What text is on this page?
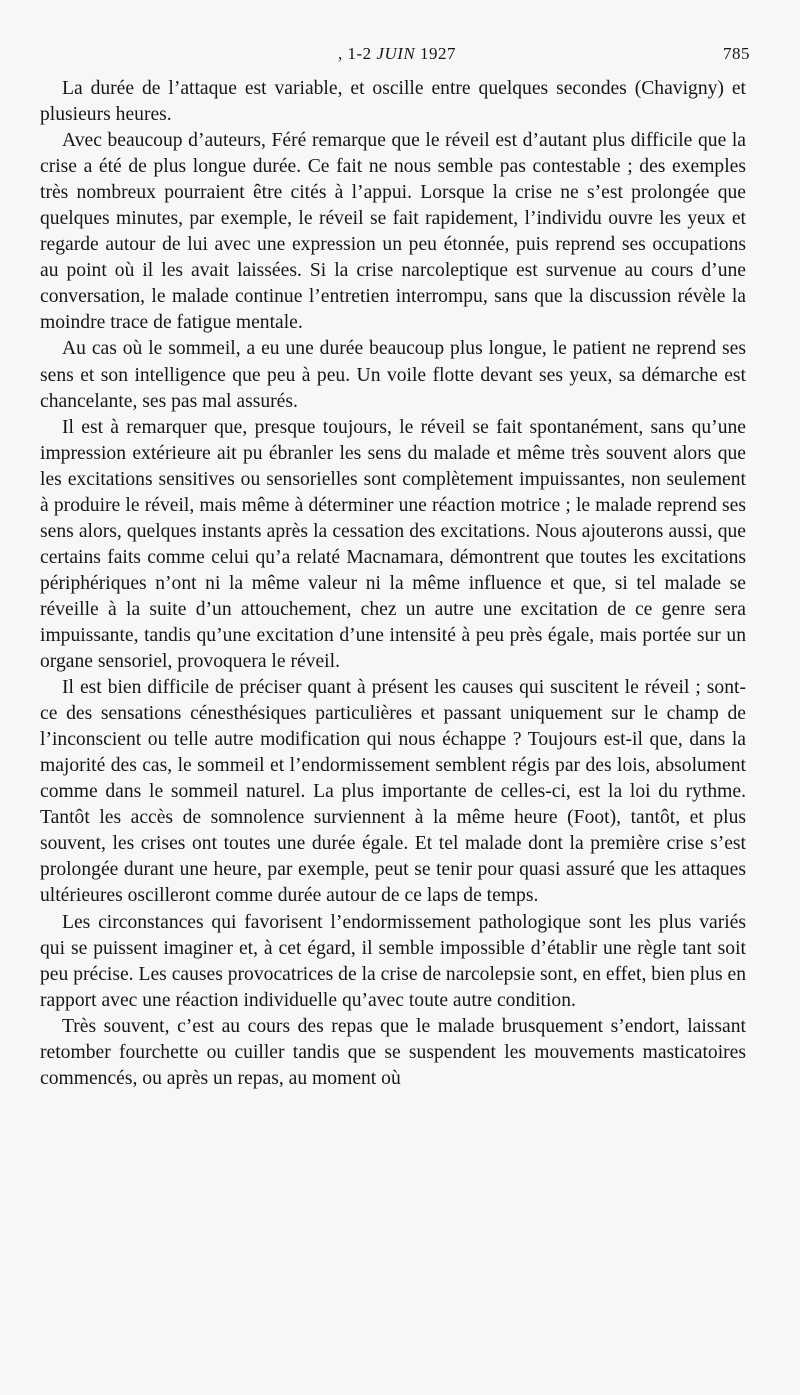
, 1-2 JUIN 1927	785

La durée de l’attaque est variable, et oscille entre quelques secondes (Chavigny) et plusieurs heures.

Avec beaucoup d’auteurs, Féré remarque que le réveil est d’autant plus difficile que la crise a été de plus longue durée. Ce fait ne nous semble pas contestable ; des exemples très nombreux pourraient être cités à l’appui. Lorsque la crise ne s’est prolongée que quelques minutes, par exemple, le réveil se fait rapidement, l’individu ouvre les yeux et regarde autour de lui avec une expression un peu étonnée, puis reprend ses occupations au point où il les avait laissées. Si la crise narcoleptique est survenue au cours d’une conversation, le malade continue l’entretien interrompu, sans que la discussion révèle la moindre trace de fatigue mentale.

Au cas où le sommeil, a eu une durée beaucoup plus longue, le patient ne reprend ses sens et son intelligence que peu à peu. Un voile flotte devant ses yeux, sa démarche est chancelante, ses pas mal assurés.

Il est à remarquer que, presque toujours, le réveil se fait spontanément, sans qu’une impression extérieure ait pu ébranler les sens du malade et même très souvent alors que les excitations sensitives ou sensorielles sont complètement impuissantes, non seulement à produire le réveil, mais même à déterminer une réaction motrice ; le malade reprend ses sens alors, quelques instants après la cessation des excitations. Nous ajouterons aussi, que certains faits comme celui qu’a relaté Macnamara, démontrent que toutes les excitations périphériques n’ont ni la même valeur ni la même influence et que, si tel malade se réveille à la suite d’un attouchement, chez un autre une excitation de ce genre sera impuissante, tandis qu’une excitation d’une intensité à peu près égale, mais portée sur un organe sensoriel, provoquera le réveil.

Il est bien difficile de préciser quant à présent les causes qui suscitent le réveil ; sont-ce des sensations cénesthésiques particulières et passant uniquement sur le champ de l’inconscient ou telle autre modification qui nous échappe ? Toujours est-il que, dans la majorité des cas, le sommeil et l’endormissement semblent régis par des lois, absolument comme dans le sommeil naturel. La plus importante de celles-ci, est la loi du rythme. Tantôt les accès de somnolence surviennent à la même heure (Foot), tantôt, et plus souvent, les crises ont toutes une durée égale. Et tel malade dont la première crise s’est prolongée durant une heure, par exemple, peut se tenir pour quasi assuré que les attaques ultérieures oscilleront comme durée autour de ce laps de temps.

Les circonstances qui favorisent l’endormissement pathologique sont les plus variés qui se puissent imaginer et, à cet égard, il semble impossible d’établir une règle tant soit peu précise. Les causes provocatrices de la crise de narcolepsie sont, en effet, bien plus en rapport avec une réaction individuelle qu’avec toute autre condition.

Très souvent, c’est au cours des repas que le malade brusquement s’endort, laissant retomber fourchette ou cuiller tandis que se suspendent les mouvements masticatoires commencés, ou après un repas, au moment où
